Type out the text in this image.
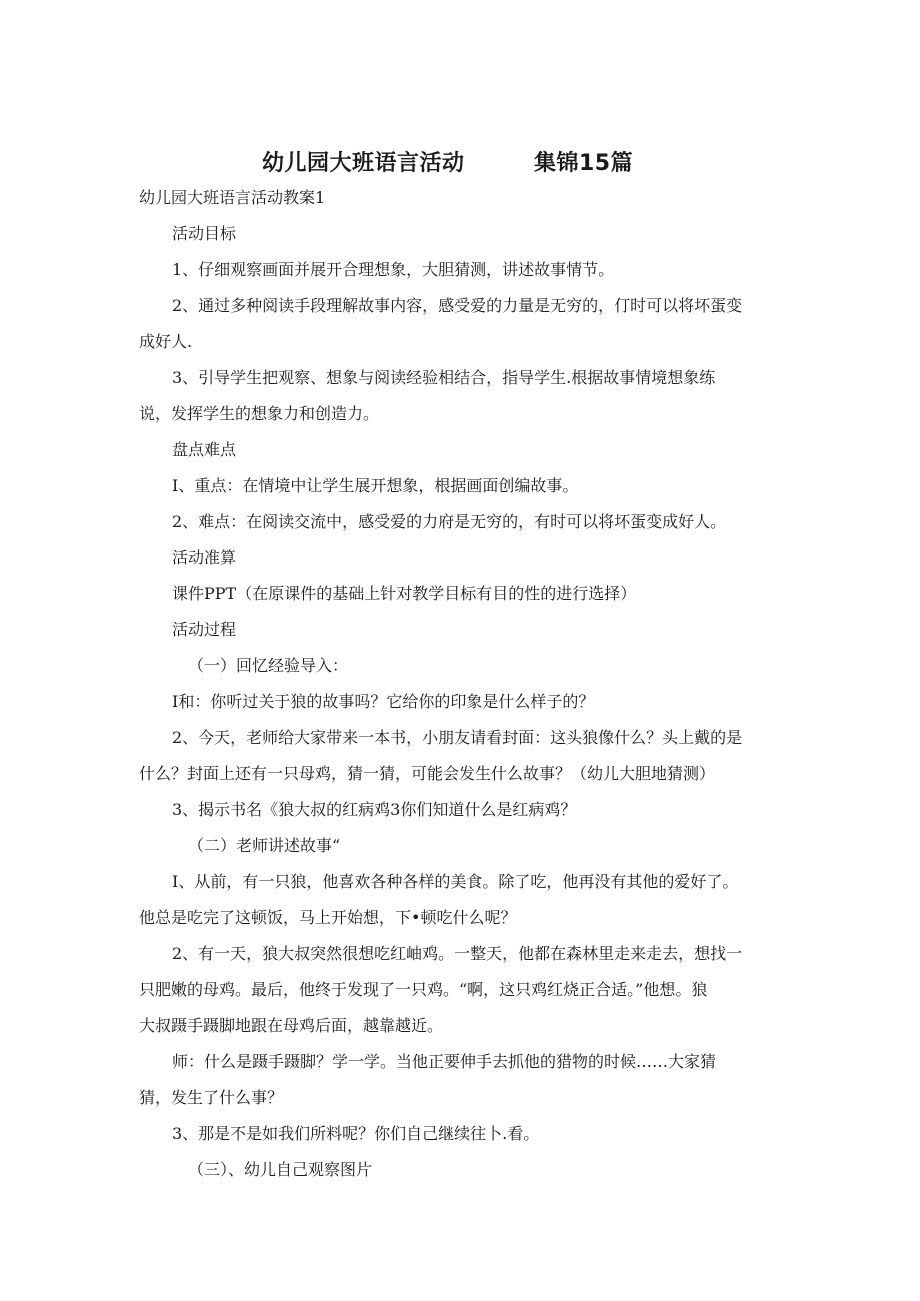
幼儿园大班语言活动	集锦15篇
幼儿园大班语言活动教案1
活动目标
1、仔细观察画面并展开合理想象，大胆猜测，讲述故事情节。
2、通过多种阅读手段理解故事内容，感受爱的力量是无穷的，仃时可以将坏蛋变
成好人.
3、引导学生把观察、想象与阅读经验相结合，指导学生.根据故事情境想象练
说，发挥学生的想象力和创造力。
盘点难点
I、重点：在情境中让学生展开想象，根据画面创编故事。
2、难点：在阅读交流中，感受爱的力府是无穷的，有时可以将坏蛋变成好人。
活动准算
课件PPT（在原课件的基础上针对教学目标有目的性的进行选择）
活动过程
（一）回忆经验导入：
I和：你听过关于狼的故事吗？它给你的印象是什么样子的？
2、今天，老师给大家带来一本书，小朋友请看封面：这头狼像什么？头上戴的是
什么？封面上还有一只母鸡，猜一猜，可能会发生什么故事？（幼儿大胆地猜测）
3、揭示书名《狼大叔的红病鸡3你们知道什么是红病鸡？
（二）老师讲述故事“
I、从前，有一只狼，他喜欢各种各样的美食。除了吃，他再没有其他的爱好了。
他总是吃完了这顿饭，马上开始想，下•顿吃什么呢？
2、有一天，狼大叔突然很想吃红岫鸡。一整天，他都在森林里走来走去，想找一
只肥嫩的母鸡。最后，他终于发现了一只鸡。“啊，这只鸡红烧正合适。”他想。狼
大叔蹑手蹑脚地跟在母鸡后面，越靠越近。
师：什么是蹑手蹑脚？学一学。当他正要伸手去抓他的猎物的时候……大家猜
猜，发生了什么事？
3、那是不是如我们所料呢？你们自己继续往卜.看。
（三）、幼儿自己观察图片
